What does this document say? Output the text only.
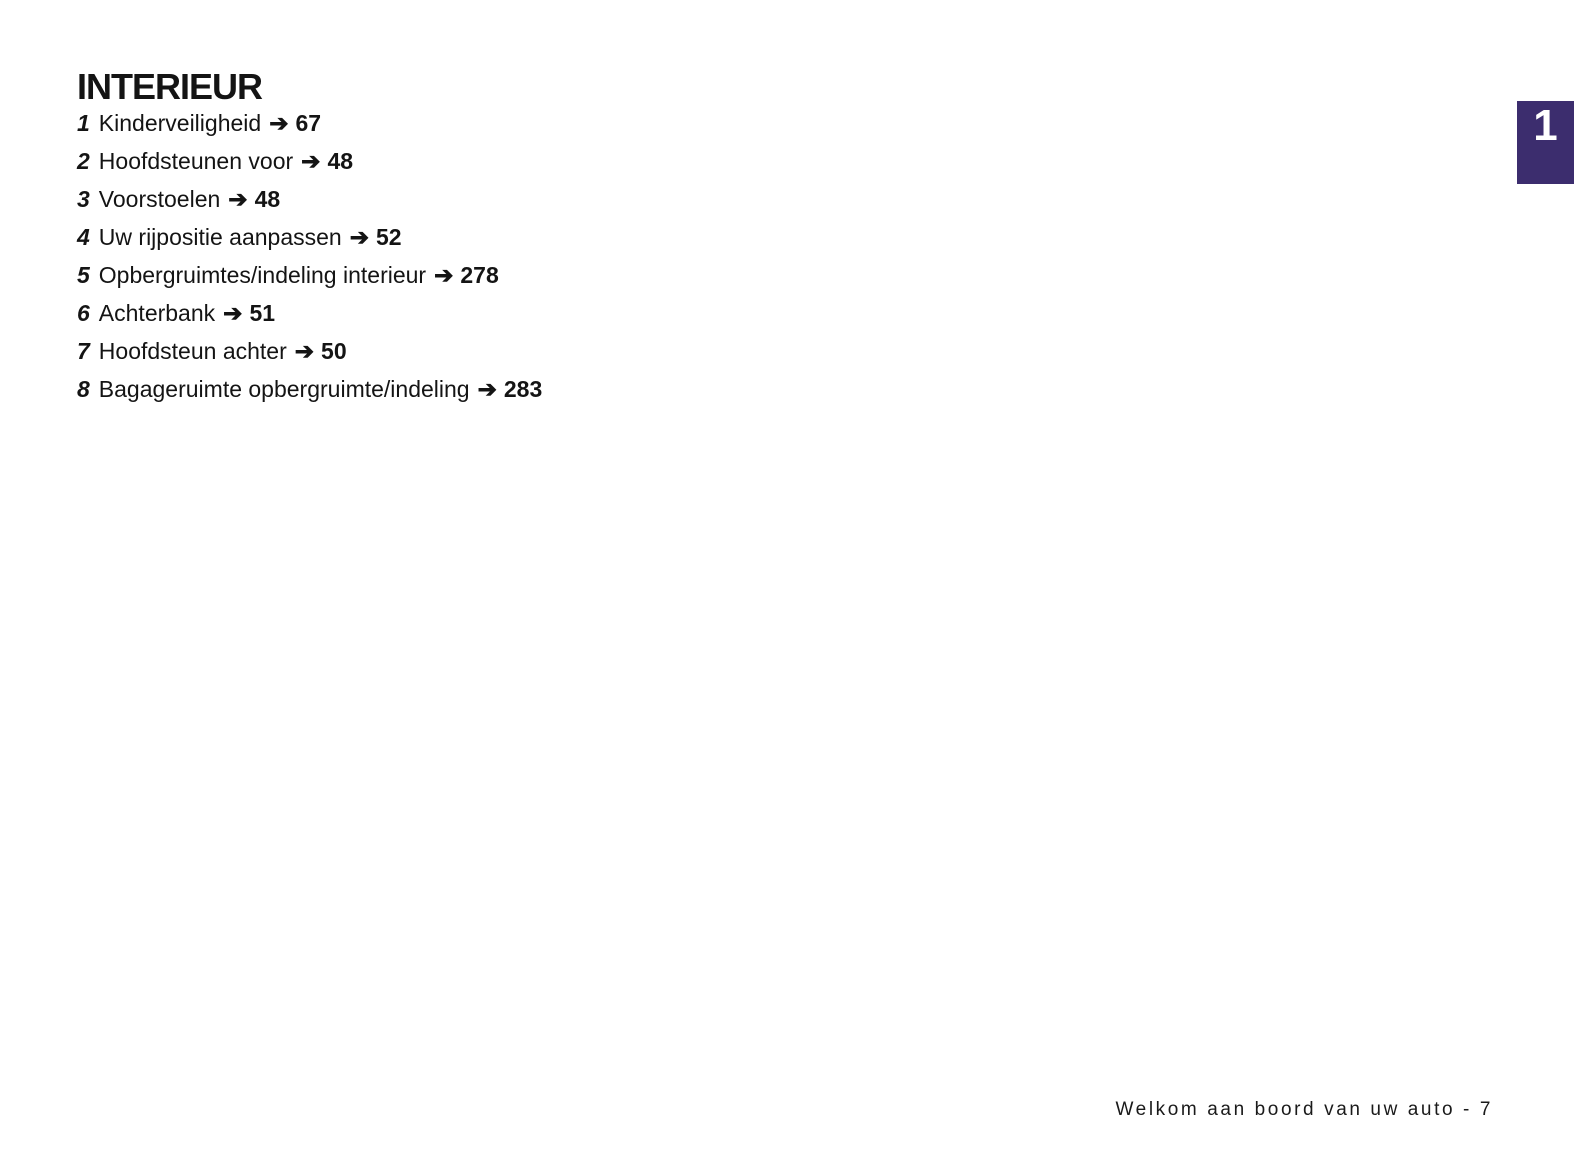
INTERIEUR
1 Kinderveiligheid ➔ 67
2 Hoofdsteunen voor ➔ 48
3 Voorstoelen ➔ 48
4 Uw rijpositie aanpassen ➔ 52
5 Opbergruimtes/indeling interieur ➔ 278
6 Achterbank ➔ 51
7 Hoofdsteun achter ➔ 50
8 Bagageruimte opbergruimte/indeling ➔ 283
1
Welkom aan boord van uw auto - 7
